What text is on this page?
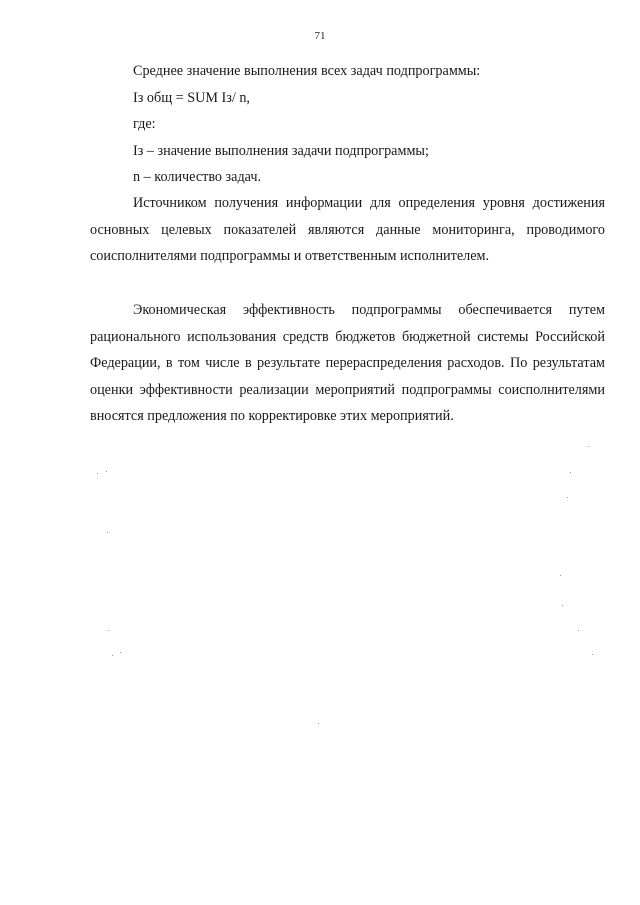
71

Среднее значение выполнения всех задач подпрограммы:

Iз общ = SUM Iз/ n,

где:

Iз – значение выполнения задачи подпрограммы;

n – количество задач.

Источником получения информации для определения уровня достижения основных целевых показателей являются данные мониторинга, проводимого соисполнителями подпрограммы и ответственным исполнителем.

Экономическая эффективность подпрограммы обеспечивается путем рационального использования средств бюджетов бюджетной системы Российской Федерации, в том числе в результате перераспределения расходов. По результатам оценки эффективности реализации мероприятий подпрограммы соисполнителями вносятся предложения по корректировке этих мероприятий.
